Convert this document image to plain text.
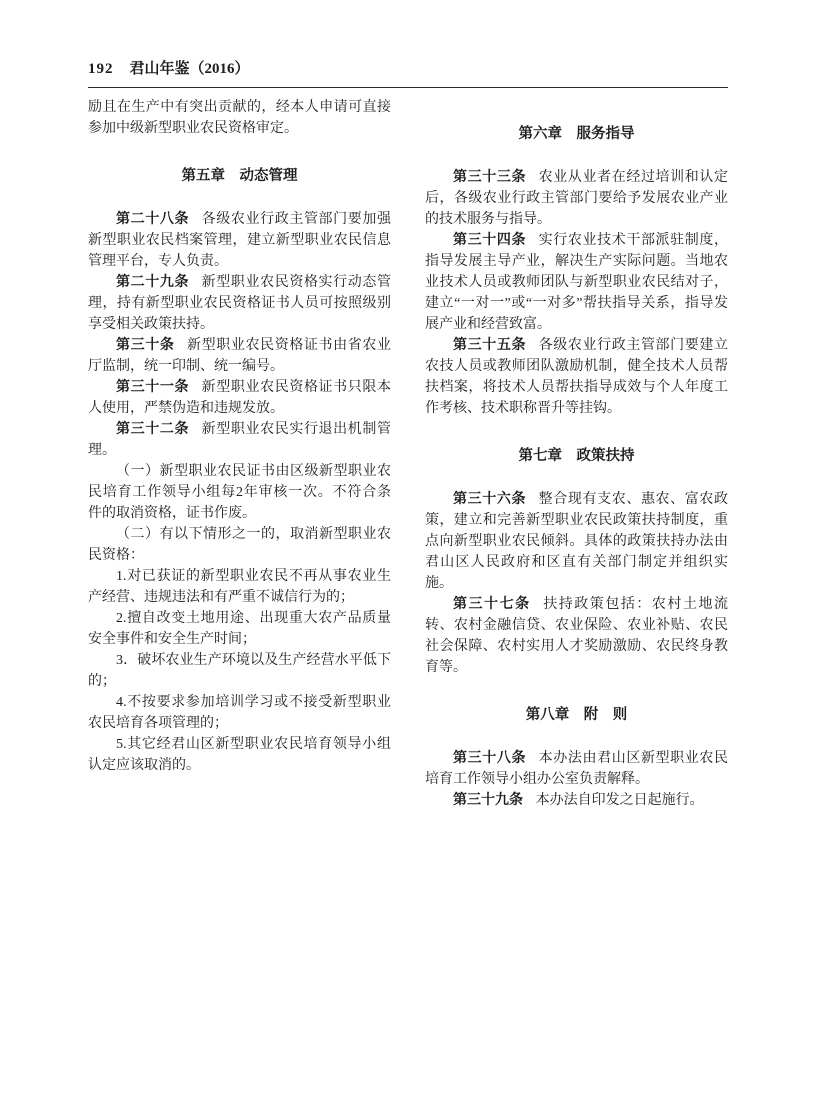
192 君山年鉴（2016）

励且在生产中有突出贡献的，经本人申请可直接参加中级新型职业农民资格审定。

第五章　动态管理

第二十八条 各级农业行政主管部门要加强新型职业农民档案管理，建立新型职业农民信息管理平台，专人负责。

第二十九条 新型职业农民资格实行动态管理，持有新型职业农民资格证书人员可按照级别享受相关政策扶持。

第三十条 新型职业农民资格证书由省农业厅监制，统一印制、统一编号。

第三十一条 新型职业农民资格证书只限本人使用，严禁伪造和违规发放。

第三十二条 新型职业农民实行退出机制管理。

（一）新型职业农民证书由区级新型职业农民培育工作领导小组每2年审核一次。不符合条　件的取消资格，证书作废。

（二）有以下情形之一的，取消新型职业农民资格：

1.对已获证的新型职业农民不再从事农业生产经营、违规违法和有严重不诚信行为的；

2.擅自改变土地用途、出现重大农产品质量安全事件和安全生产时间；

3．破坏农业生产环境以及生产经营水平低下的；

4.不按要求参加培训学习或不接受新型职业农民培育各项管理的；

5.其它经君山区新型职业农民培育领导小组认定应该取消的。

第六章　服务指导

第三十三条 农业从业者在经过培训和认定后，各级农业行政主管部门要给予发展农业产业的技术服务与指导。

第三十四条 实行农业技术干部派驻制度，指导发展主导产业，解决生产实际问题。当地农业技术人员或教师团队与新型职业农民结对子，建立“一对一”或“一对多”帮扶指导关系，指导发展产业和经营致富。

第三十五条 各级农业行政主管部门要建立农技人员或教师团队激励机制，健全技术人员帮扶档案，将技术人员帮扶指导成效与个人年度工作考核、技术职称晋升等挂钩。

第七章　政策扶持

第三十六条 整合现有支农、惠农、富农政策，建立和完善新型职业农民政策扶持制度，重点向新型职业农民倾斜。具体的政策扶持办法由君山区人民政府和区直有关部门制定并组织实施。

第三十七条 扶持政策包括：农村土地流转、农村金融信贷、农业保险、农业补贴、农民社会保障、农村实用人才奖励激励、农民终身教育等。

第八章　附　则

第三十八条 本办法由君山区新型职业农民培育工作领导小组办公室负责解释。

第三十九条 本办法自印发之日起施行。
